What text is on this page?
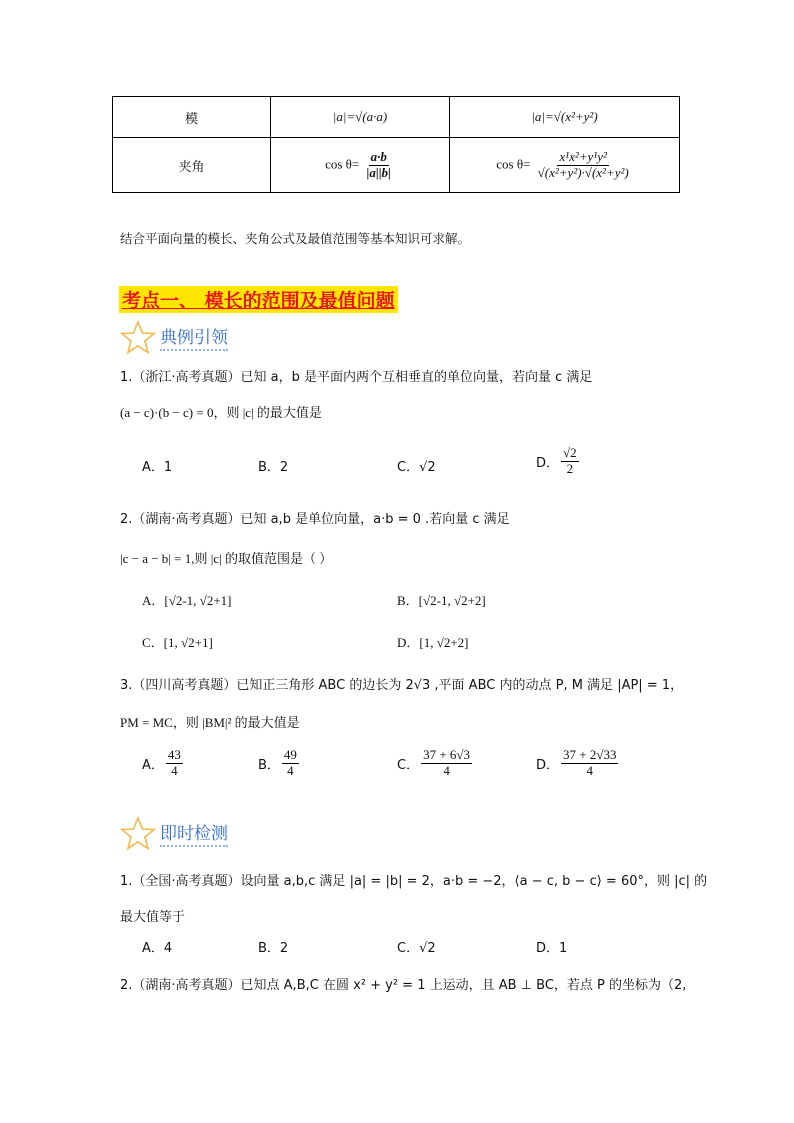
模	|a|=√(a·a)	|a|=√(x²+y²)
夹角	$\cos \theta= \frac{a\cdot b}{|a||b|}$	$\cos \theta= \frac{\text{x¹x²+y¹y²}}{\text{√(x²+y²)·√(x²+y²)}}$
结合平面向量的模长、夹角公式及最值范围等基本知识可求解。
考点一、 模长的范围及最值问题
典例引领
1.（浙江·高考真题）已知 a，b 是平面内两个互相垂直的单位向量，若向量 c 满足
(a − c)·(b − c) = 0，则 |c| 的最大值是
A．1	B．2	C．√2	D． $\frac{√2}{2}$
2.（湖南·高考真题）已知 a,b 是单位向量，a·b = 0 .若向量 c 满足
|c − a − b| = 1,则 |c| 的取值范围是（ ）
A．[√2-1, √2+1]	B．[√2-1, √2+2]
C．[1, √2+1]	D．[1, √2+2]
3.（四川高考真题）已知正三角形 ABC 的边长为 2√3 ,平面 ABC 内的动点 P, M 满足 |AP| = 1，
PM = MC，则 |BM|² 的最大值是
A． $\frac{43}{4}$	B． $\frac{49}{4}$	C． $\frac{37 + 6√3}{4}$	D． $\frac{37 + 2√33}{4}$
即时检测
1.（全国·高考真题）设向量 a,b,c 满足 |a| = |b| = 2，a·b = −2，⟨a − c, b − c⟩ = 60°，则 |c| 的
最大值等于
A．4	B．2	C．√2	D．1
2.（湖南·高考真题）已知点 A,B,C 在圆 x² + y² = 1 上运动，且 AB ⊥ BC，若点 P 的坐标为（2,
